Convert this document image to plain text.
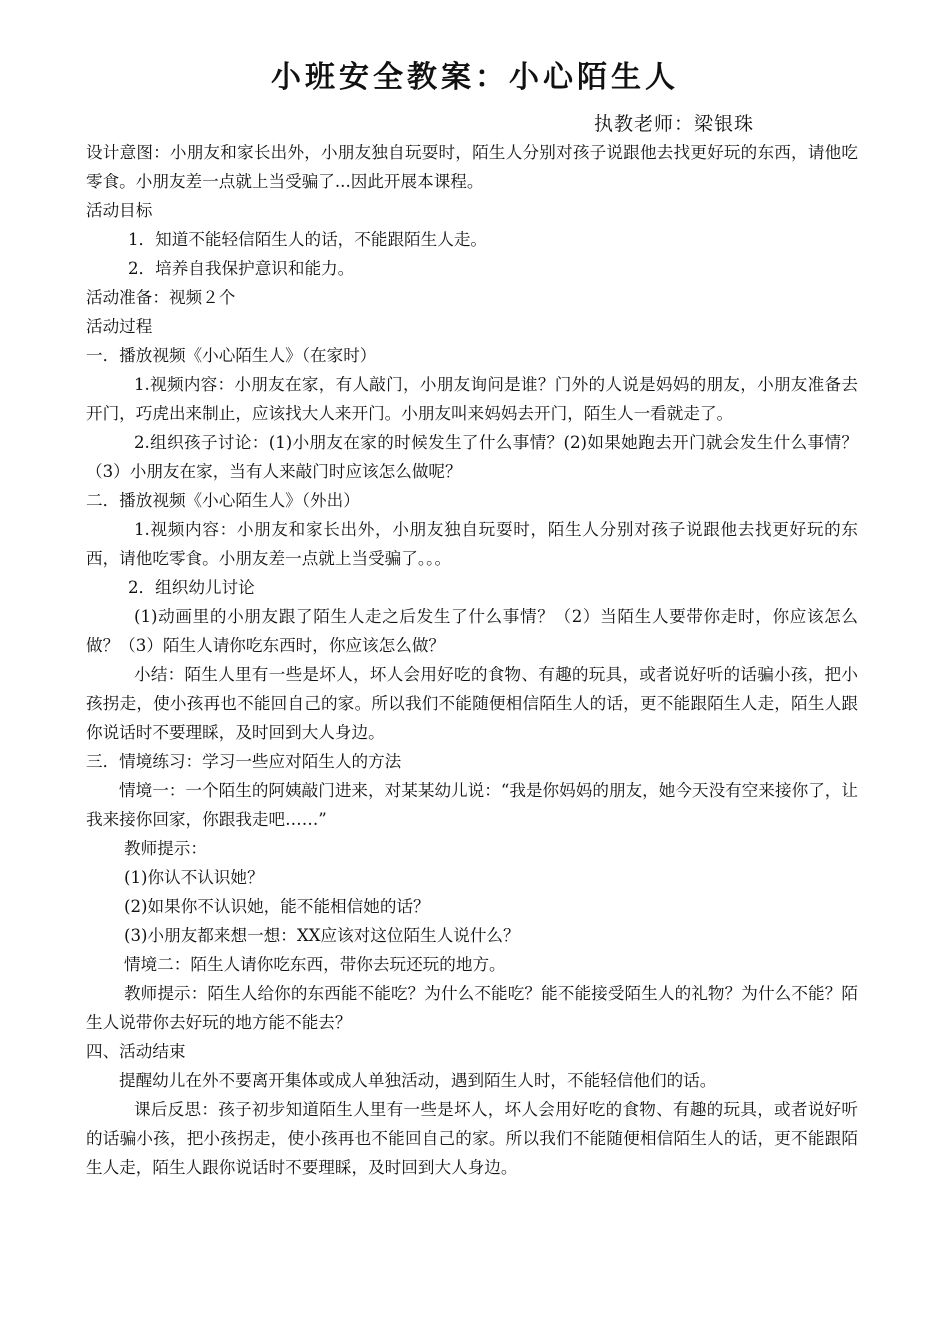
小班安全教案：小心陌生人
执教老师：梁银珠

设计意图：小朋友和家长出外，小朋友独自玩耍时，陌生人分别对孩子说跟他去找更好玩的东西，请他吃零食。小朋友差一点就上当受骗了...因此开展本课程。

活动目标

1．知道不能轻信陌生人的话，不能跟陌生人走。

2．培养自我保护意识和能力。

活动准备：视频２个

活动过程

一．播放视频《小心陌生人》（在家时）

1.视频内容：小朋友在家，有人敲门，小朋友询问是谁？门外的人说是妈妈的朋友，小朋友准备去开门，巧虎出来制止，应该找大人来开门。小朋友叫来妈妈去开门，陌生人一看就走了。

2.组织孩子讨论：(1)小朋友在家的时候发生了什么事情？(2)如果她跑去开门就会发生什么事情？（3）小朋友在家，当有人来敲门时应该怎么做呢？

二．播放视频《小心陌生人》（外出）

1.视频内容：小朋友和家长出外，小朋友独自玩耍时，陌生人分别对孩子说跟他去找更好玩的东西，请他吃零食。小朋友差一点就上当受骗了。。。

2．组织幼儿讨论

(1)动画里的小朋友跟了陌生人走之后发生了什么事情？（2）当陌生人要带你走时，你应该怎么做？（3）陌生人请你吃东西时，你应该怎么做？

小结：陌生人里有一些是坏人，坏人会用好吃的食物、有趣的玩具，或者说好听的话骗小孩，把小孩拐走，使小孩再也不能回自己的家。所以我们不能随便相信陌生人的话，更不能跟陌生人走，陌生人跟你说话时不要理睬，及时回到大人身边。

三．情境练习：学习一些应对陌生人的方法

情境一：一个陌生的阿姨敲门进来，对某某幼儿说：“我是你妈妈的朋友，她今天没有空来接你了，让我来接你回家，你跟我走吧……”

教师提示：

(1)你认不认识她？

(2)如果你不认识她，能不能相信她的话？

(3)小朋友都来想一想：XX应该对这位陌生人说什么？

情境二：陌生人请你吃东西，带你去玩还玩的地方。

教师提示：陌生人给你的东西能不能吃？为什么不能吃？能不能接受陌生人的礼物？为什么不能？陌生人说带你去好玩的地方能不能去？

四、活动结束

提醒幼儿在外不要离开集体或成人单独活动，遇到陌生人时，不能轻信他们的话。

课后反思：孩子初步知道陌生人里有一些是坏人，坏人会用好吃的食物、有趣的玩具，或者说好听的话骗小孩，把小孩拐走，使小孩再也不能回自己的家。所以我们不能随便相信陌生人的话，更不能跟陌生人走，陌生人跟你说话时不要理睬，及时回到大人身边。
